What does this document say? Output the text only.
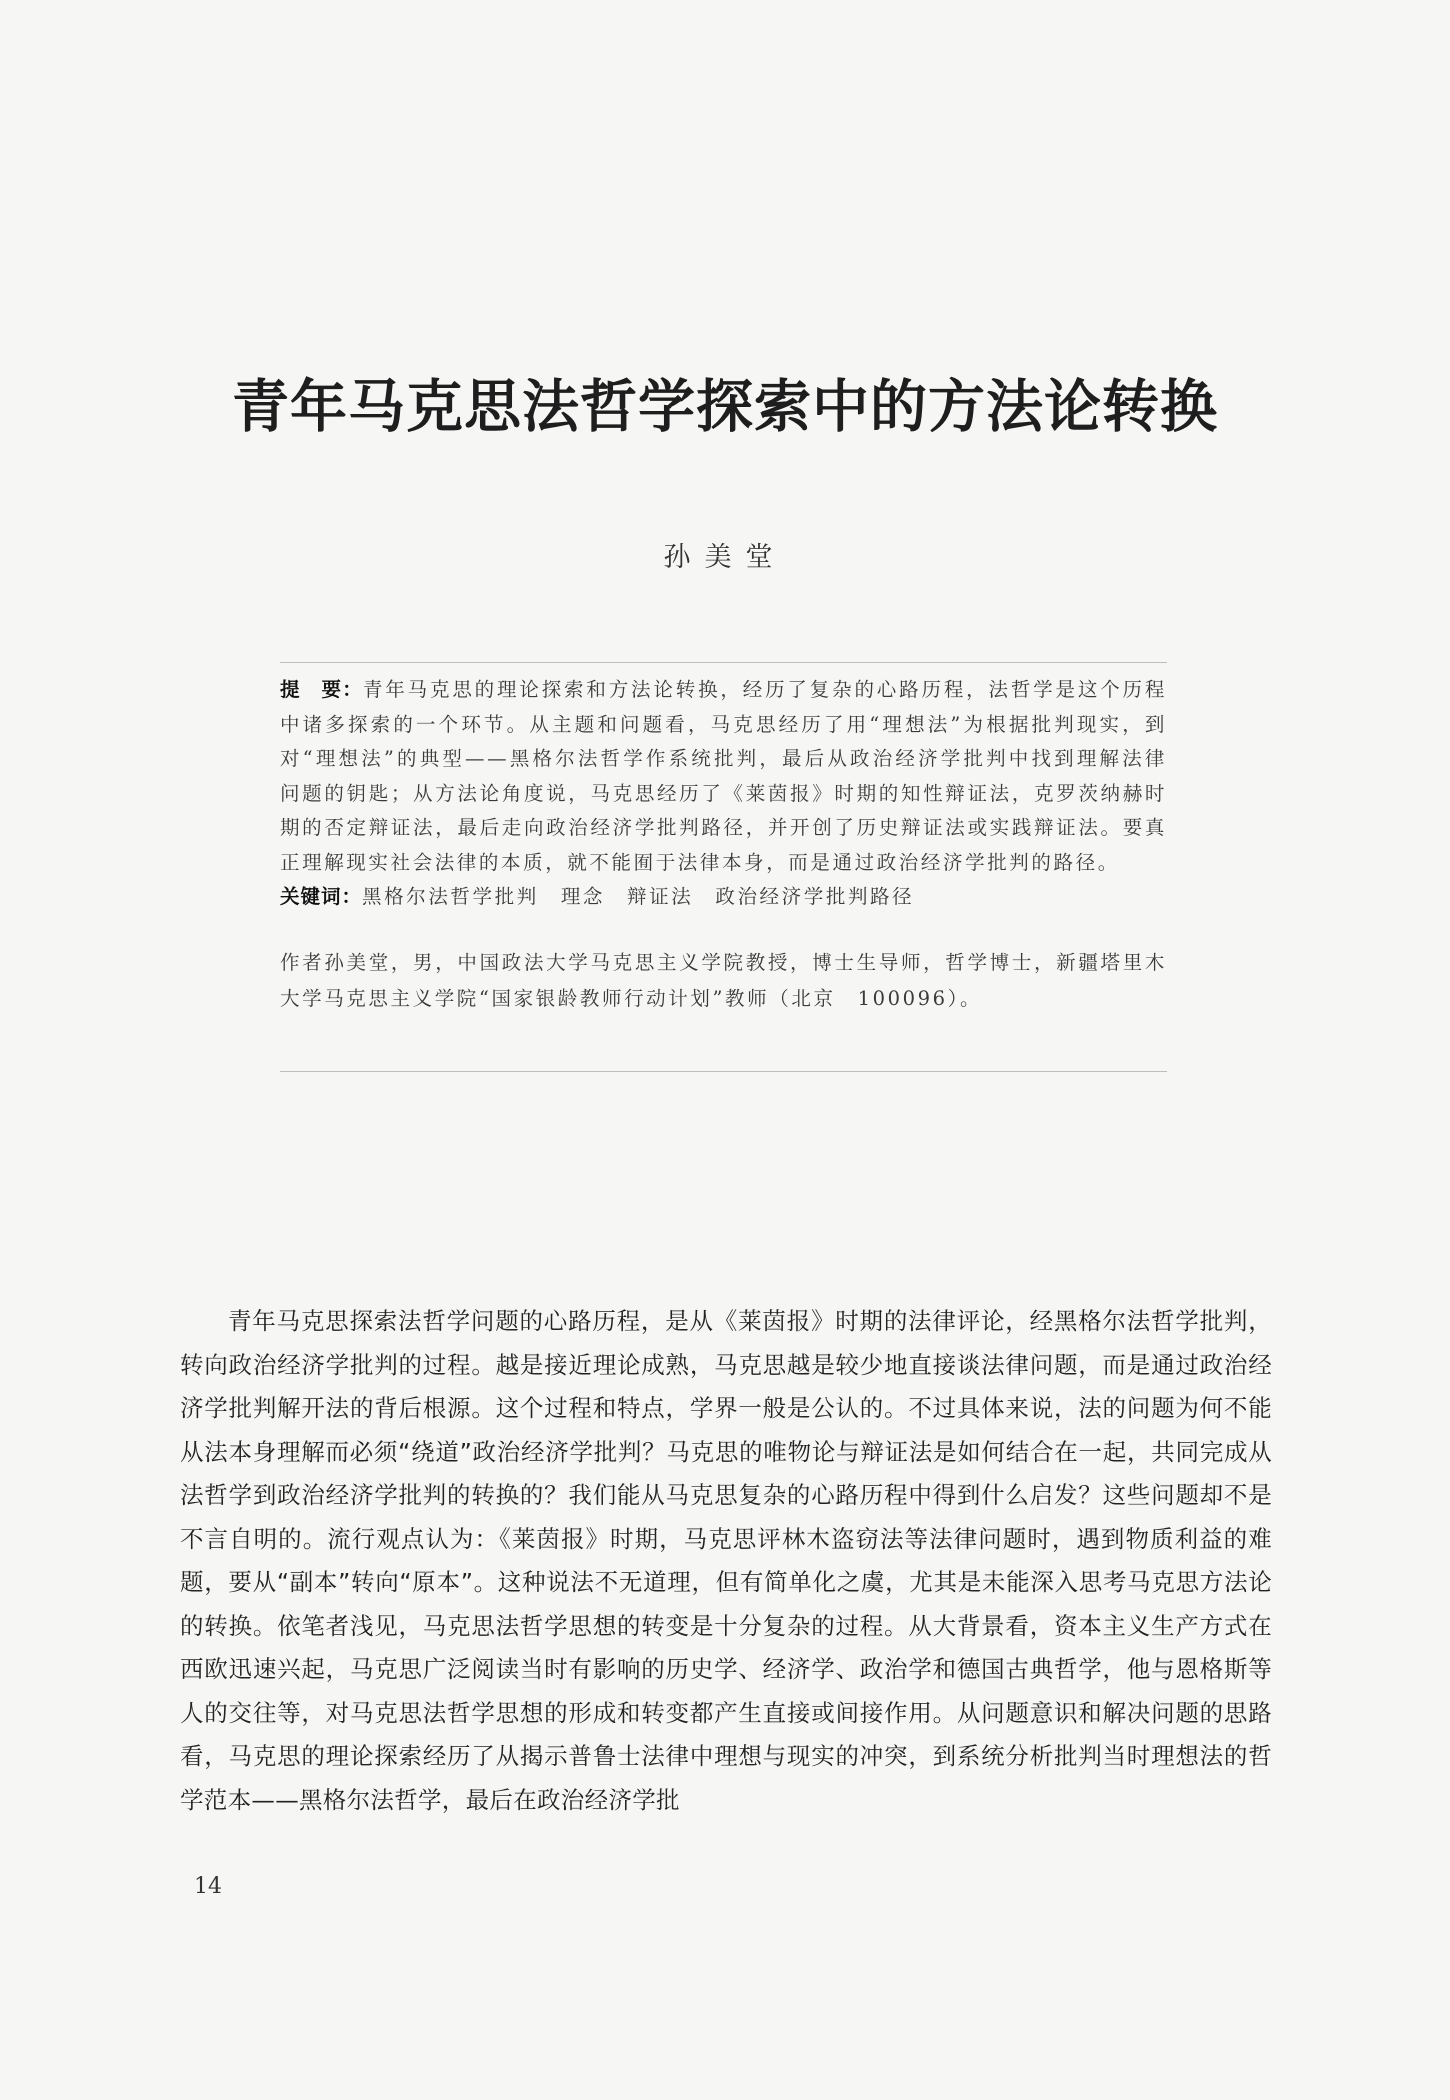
青年马克思法哲学探索中的方法论转换
孙美堂

提　要：青年马克思的理论探索和方法论转换，经历了复杂的心路历程，法哲学是这个历程中诸多探索的一个环节。从主题和问题看，马克思经历了用“理想法”为根据批判现实，到对“理想法”的典型——黑格尔法哲学作系统批判，最后从政治经济学批判中找到理解法律问题的钥匙；从方法论角度说，马克思经历了《莱茵报》时期的知性辩证法，克罗茨纳赫时期的否定辩证法，最后走向政治经济学批判路径，并开创了历史辩证法或实践辩证法。要真正理解现实社会法律的本质，就不能囿于法律本身，而是通过政治经济学批判的路径。

关键词：黑格尔法哲学批判 理念 辩证法 政治经济学批判路径

作者孙美堂，男，中国政法大学马克思主义学院教授，博士生导师，哲学博士，新疆塔里木大学马克思主义学院“国家银龄教师行动计划”教师（北京　100096）。

青年马克思探索法哲学问题的心路历程，是从《莱茵报》时期的法律评论，经黑格尔法哲学批判，转向政治经济学批判的过程。越是接近理论成熟，马克思越是较少地直接谈法律问题，而是通过政治经济学批判解开法的背后根源。这个过程和特点，学界一般是公认的。不过具体来说，法的问题为何不能从法本身理解而必须“绕道”政治经济学批判？马克思的唯物论与辩证法是如何结合在一起，共同完成从法哲学到政治经济学批判的转换的？我们能从马克思复杂的心路历程中得到什么启发？这些问题却不是不言自明的。流行观点认为：《莱茵报》时期，马克思评林木盗窃法等法律问题时，遇到物质利益的难题，要从“副本”转向“原本”。这种说法不无道理，但有简单化之虞，尤其是未能深入思考马克思方法论的转换。依笔者浅见，马克思法哲学思想的转变是十分复杂的过程。从大背景看，资本主义生产方式在西欧迅速兴起，马克思广泛阅读当时有影响的历史学、经济学、政治学和德国古典哲学，他与恩格斯等人的交往等，对马克思法哲学思想的形成和转变都产生直接或间接作用。从问题意识和解决问题的思路看，马克思的理论探索经历了从揭示普鲁士法律中理想与现实的冲突，到系统分析批判当时理想法的哲学范本——黑格尔法哲学，最后在政治经济学批

14
